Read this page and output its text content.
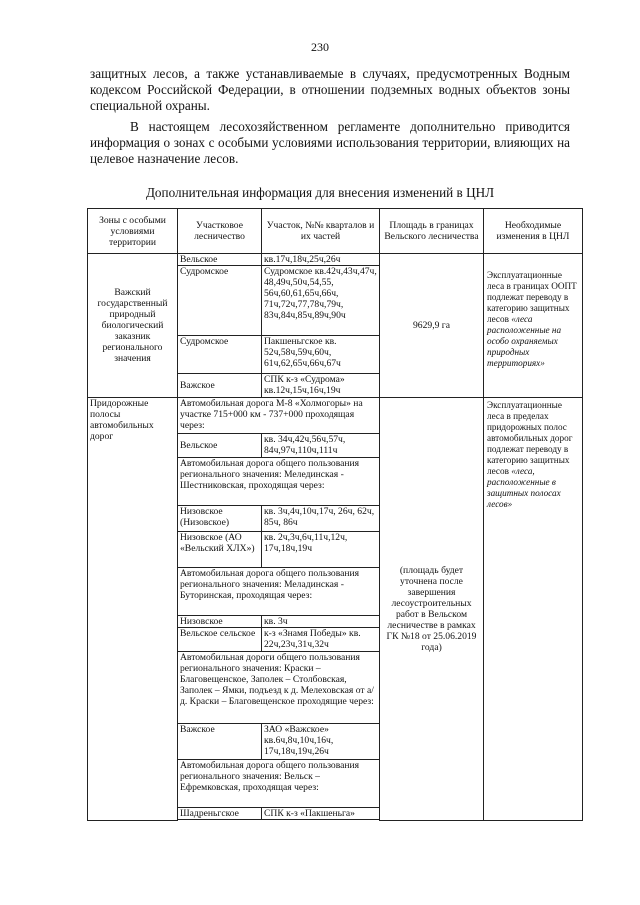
230

защитных лесов, а также устанавливаемые в случаях, предусмотренных Водным кодексом Российской Федерации, в отношении подземных водных объектов зоны специальной охраны.

В настоящем лесохозяйственном регламенте дополнительно приводится информация о зонах с особыми условиями использования территории, влияющих на целевое назначение лесов.

Дополнительная информация для внесения изменений в ЦНЛ
Зоны с особыми условиями территории	Участковое лесничество	Участок, №№ кварталов и их частей	Площадь в границах Вельского лесничества	Необходимые изменения в ЦНЛ
Важский государственный природный биологический заказник регионального значения	Вельское	кв.17ч,18ч,25ч,26ч	9629,9 га	Эксплуатационные леса в границах ООПТ подлежат переводу в категорию защитных лесов «леса расположенные на особо охраняемых природных территориях»
	Судромское	Судромское кв.42ч,43ч,47ч, 48,49ч,50ч,54,55, 56ч,60,61,65ч,66ч, 71ч,72ч,77,78ч,79ч, 83ч,84ч,85ч,89ч,90ч		
	Судромское	Пакшеньгское кв. 52ч,58ч,59ч,60ч, 61ч,62,65ч,66ч,67ч		
	Важское	СПК к-з «Судрома» кв.12ч,15ч,16ч,19ч		
Придорожные полосы автомобильных дорог	Автомобильная дорога М-8 «Холмогоры» на участке 715+000 км - 737+000 проходящая через:		(площадь будет уточнена после завершения лесоустроительных работ в Вельском лесничестве в рамках ГК №18 от 25.06.2019 года)	Эксплуатационные леса в пределах придорожных полос автомобильных дорог подлежат переводу в категорию защитных лесов «леса, расположенные в защитных полосах лесов»
	Вельское	кв. 34ч,42ч,56ч,57ч, 84ч,97ч,110ч,111ч		
	Автомобильная дорога общего пользования регионального значения: Мелединская - Шестниковская, проходящая через:			
	Низовское (Низовское)	кв. 3ч,4ч,10ч,17ч, 26ч, 62ч, 85ч, 86ч		
	Низовское (АО «Вельский ХЛХ»)	кв. 2ч,3ч,6ч,11ч,12ч, 17ч,18ч,19ч		
	Автомобильная дорога общего пользования регионального значения: Меладинская - Буторинская, проходящая через:			
	Низовское	кв. 3ч		
	Вельское сельское	к-з «Знамя Победы» кв. 22ч,23ч,31ч,32ч		
	Автомобильная дороги общего пользования регионального значения: Краски – Благовещенское, Заполек – Столбовская, Заполек – Ямки, подъезд к д. Мелеховская от а/д. Краски – Благовещенское проходящие через:			
	Важское	ЗАО «Важское» кв.6ч,8ч,10ч,16ч, 17ч,18ч,19ч,26ч		
	Автомобильная дорога общего пользования регионального значения: Вельск – Ефремковская, проходящая через:			
	Шадреньгское	СПК к-з «Пакшеньга»		
